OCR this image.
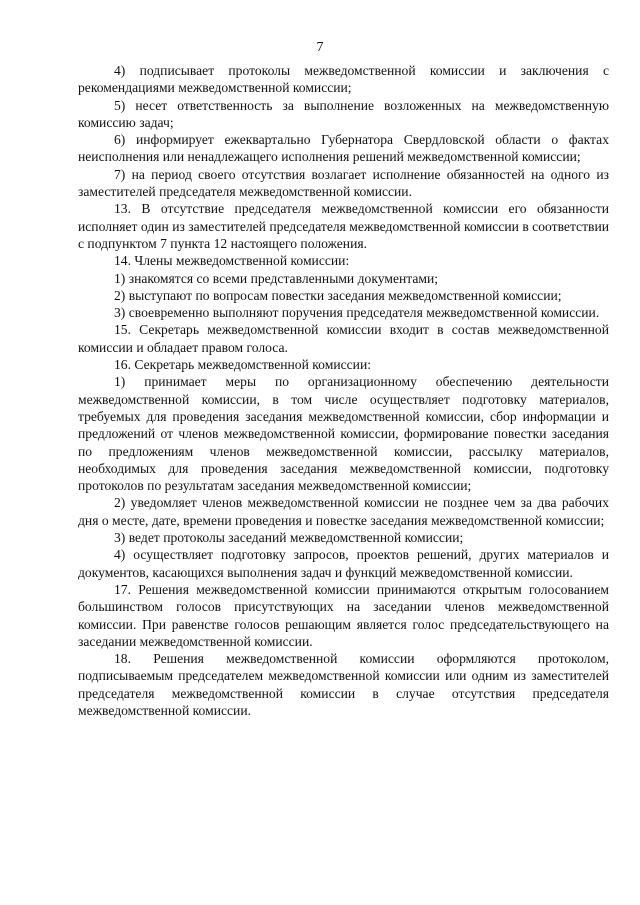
7

4) подписывает протоколы межведомственной комиссии и заключения с рекомендациями межведомственной комиссии;

5) несет ответственность за выполнение возложенных на межведомственную комиссию задач;

6) информирует ежеквартально Губернатора Свердловской области о фактах неисполнения или ненадлежащего исполнения решений межведомственной комиссии;

7) на период своего отсутствия возлагает исполнение обязанностей на одного из заместителей председателя межведомственной комиссии.

13. В отсутствие председателя межведомственной комиссии его обязанности исполняет один из заместителей председателя межведомственной комиссии в соответствии с подпунктом 7 пункта 12 настоящего положения.

14. Члены межведомственной комиссии:

1) знакомятся со всеми представленными документами;

2) выступают по вопросам повестки заседания межведомственной комиссии;

3) своевременно выполняют поручения председателя межведомственной комиссии.

15. Секретарь межведомственной комиссии входит в состав межведомственной комиссии и обладает правом голоса.

16. Секретарь межведомственной комиссии:

1) принимает меры по организационному обеспечению деятельности межведомственной комиссии, в том числе осуществляет подготовку материалов, требуемых для проведения заседания межведомственной комиссии, сбор информации и предложений от членов межведомственной комиссии, формирование повестки заседания по предложениям членов межведомственной комиссии, рассылку материалов, необходимых для проведения заседания межведомственной комиссии, подготовку протоколов по результатам заседания межведомственной комиссии;

2) уведомляет членов межведомственной комиссии не позднее чем за два рабочих дня о месте, дате, времени проведения и повестке заседания межведомственной комиссии;

3) ведет протоколы заседаний межведомственной комиссии;

4) осуществляет подготовку запросов, проектов решений, других материалов и документов, касающихся выполнения задач и функций межведомственной комиссии.

17. Решения межведомственной комиссии принимаются открытым голосованием большинством голосов присутствующих на заседании членов межведомственной комиссии. При равенстве голосов решающим является голос председательствующего на заседании межведомственной комиссии.

18. Решения межведомственной комиссии оформляются протоколом, подписываемым председателем межведомственной комиссии или одним из заместителей председателя межведомственной комиссии в случае отсутствия председателя межведомственной комиссии.
